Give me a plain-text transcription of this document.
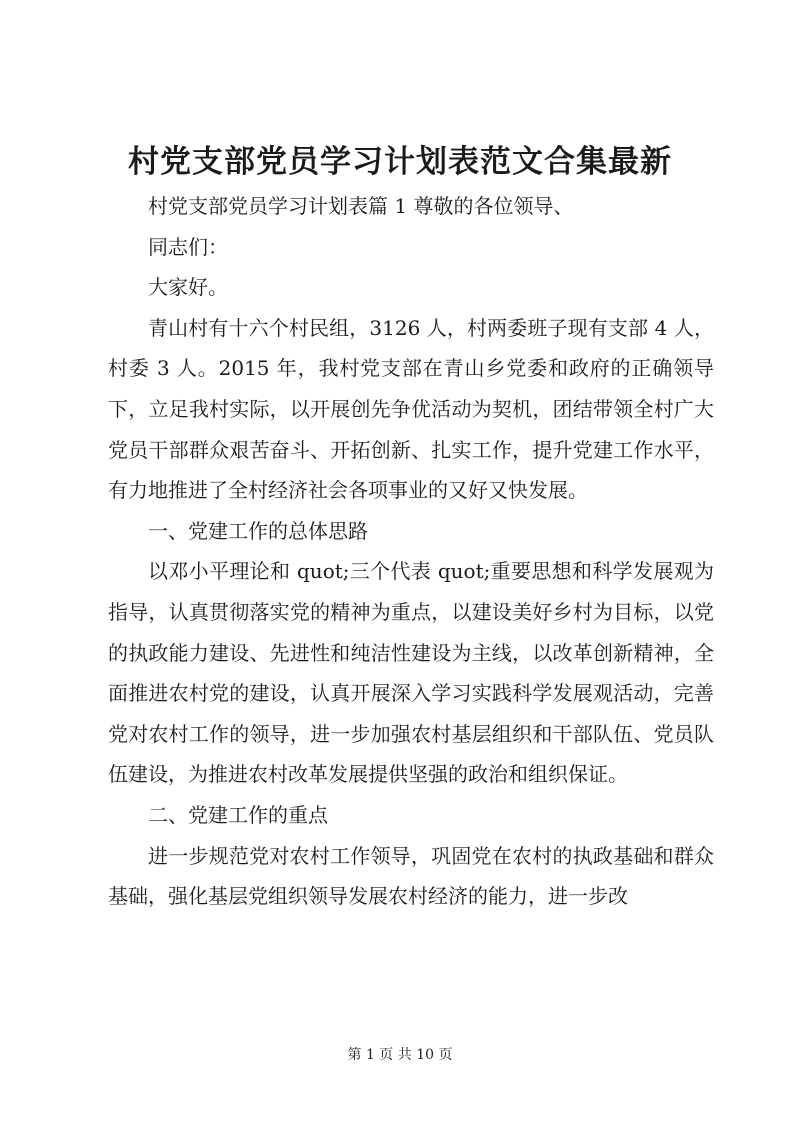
村党支部党员学习计划表范文合集最新

村党支部党员学习计划表篇 1 尊敬的各位领导、

同志们：

大家好。

青山村有十六个村民组，3126 人，村两委班子现有支部 4 人，村委 3 人。2015 年，我村党支部在青山乡党委和政府的正确领导下，立足我村实际，以开展创先争优活动为契机，团结带领全村广大党员干部群众艰苦奋斗、开拓创新、扎实工作，提升党建工作水平，有力地推进了全村经济社会各项事业的又好又快发展。

一、党建工作的总体思路

以邓小平理论和 quot;三个代表 quot;重要思想和科学发展观为指导，认真贯彻落实党的精神为重点，以建设美好乡村为目标，以党的执政能力建设、先进性和纯洁性建设为主线，以改革创新精神，全面推进农村党的建设，认真开展深入学习实践科学发展观活动，完善党对农村工作的领导，进一步加强农村基层组织和干部队伍、党员队伍建设，为推进农村改革发展提供坚强的政治和组织保证。

二、党建工作的重点

进一步规范党对农村工作领导，巩固党在农村的执政基础和群众基础，强化基层党组织领导发展农村经济的能力，进一步改

第 1 页 共 10 页
